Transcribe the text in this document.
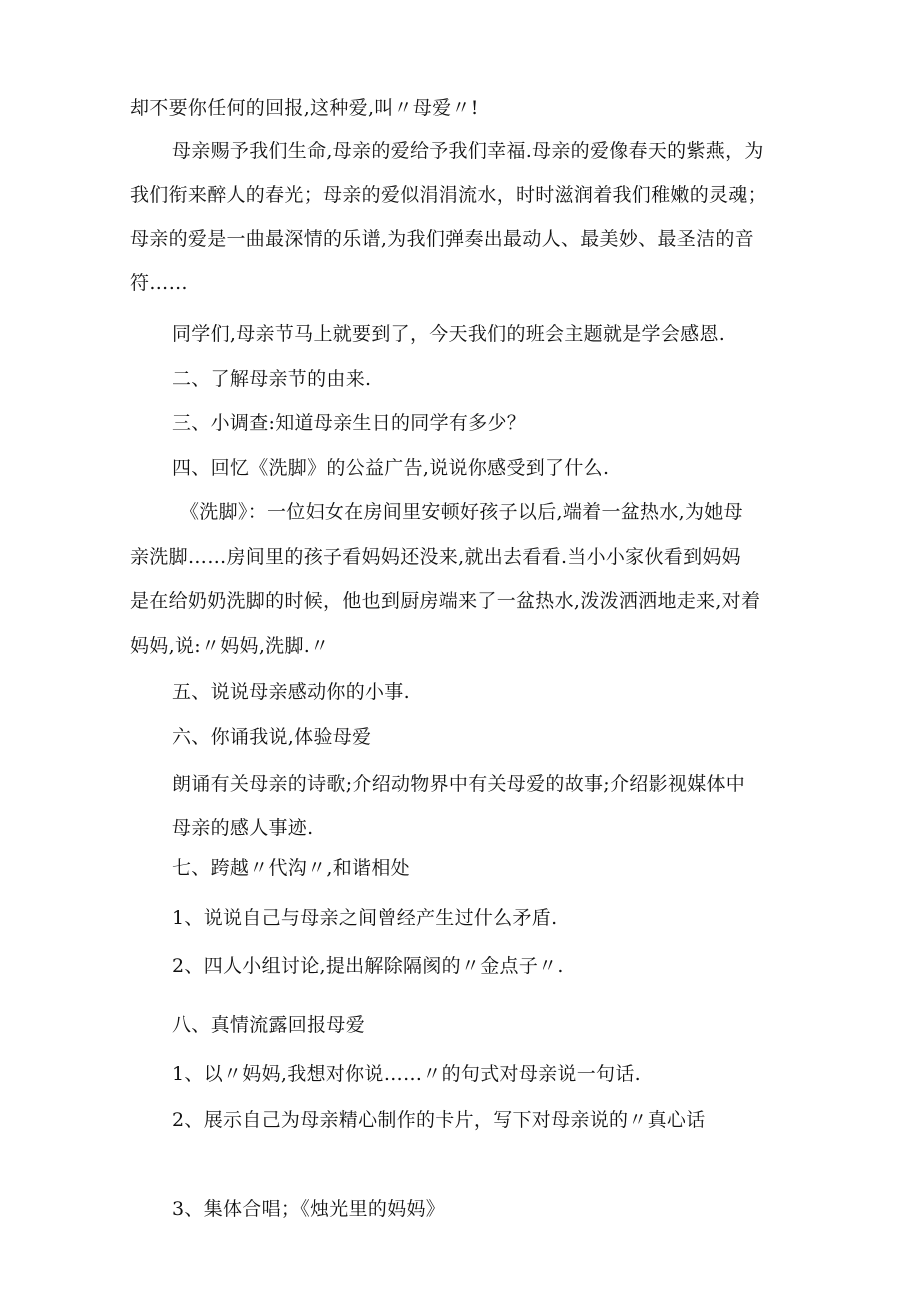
却不要你任何的回报,这种爱,叫〃母爱〃!
母亲赐予我们生命,母亲的爱给予我们幸福.母亲的爱像春天的紫燕，为
我们衔来醉人的春光；母亲的爱似涓涓流水，时时滋润着我们稚嫩的灵魂；
母亲的爱是一曲最深情的乐谱,为我们弹奏出最动人、最美妙、最圣洁的音
符……
同学们,母亲节马上就要到了，今天我们的班会主题就是学会感恩.
二、了解母亲节的由来.
三、小调查:知道母亲生日的同学有多少？
四、回忆《洗脚》的公益广告,说说你感受到了什么.
《洗脚》：一位妇女在房间里安顿好孩子以后,端着一盆热水,为她母
亲洗脚……房间里的孩子看妈妈还没来,就出去看看.当小小家伙看到妈妈
是在给奶奶洗脚的时候，他也到厨房端来了一盆热水,泼泼洒洒地走来,对着
妈妈,说:〃妈妈,洗脚.〃
五、说说母亲感动你的小事.
六、你诵我说,体验母爱
朗诵有关母亲的诗歌;介绍动物界中有关母爱的故事;介绍影视媒体中
母亲的感人事迹.
七、跨越〃代沟〃,和谐相处
1、说说自己与母亲之间曾经产生过什么矛盾.
2、四人小组讨论,提出解除隔阂的〃金点子〃.
八、真情流露回报母爱
1、以〃妈妈,我想对你说……〃的句式对母亲说一句话.
2、展示自己为母亲精心制作的卡片，写下对母亲说的〃真心话
3、集体合唱；《烛光里的妈妈》
